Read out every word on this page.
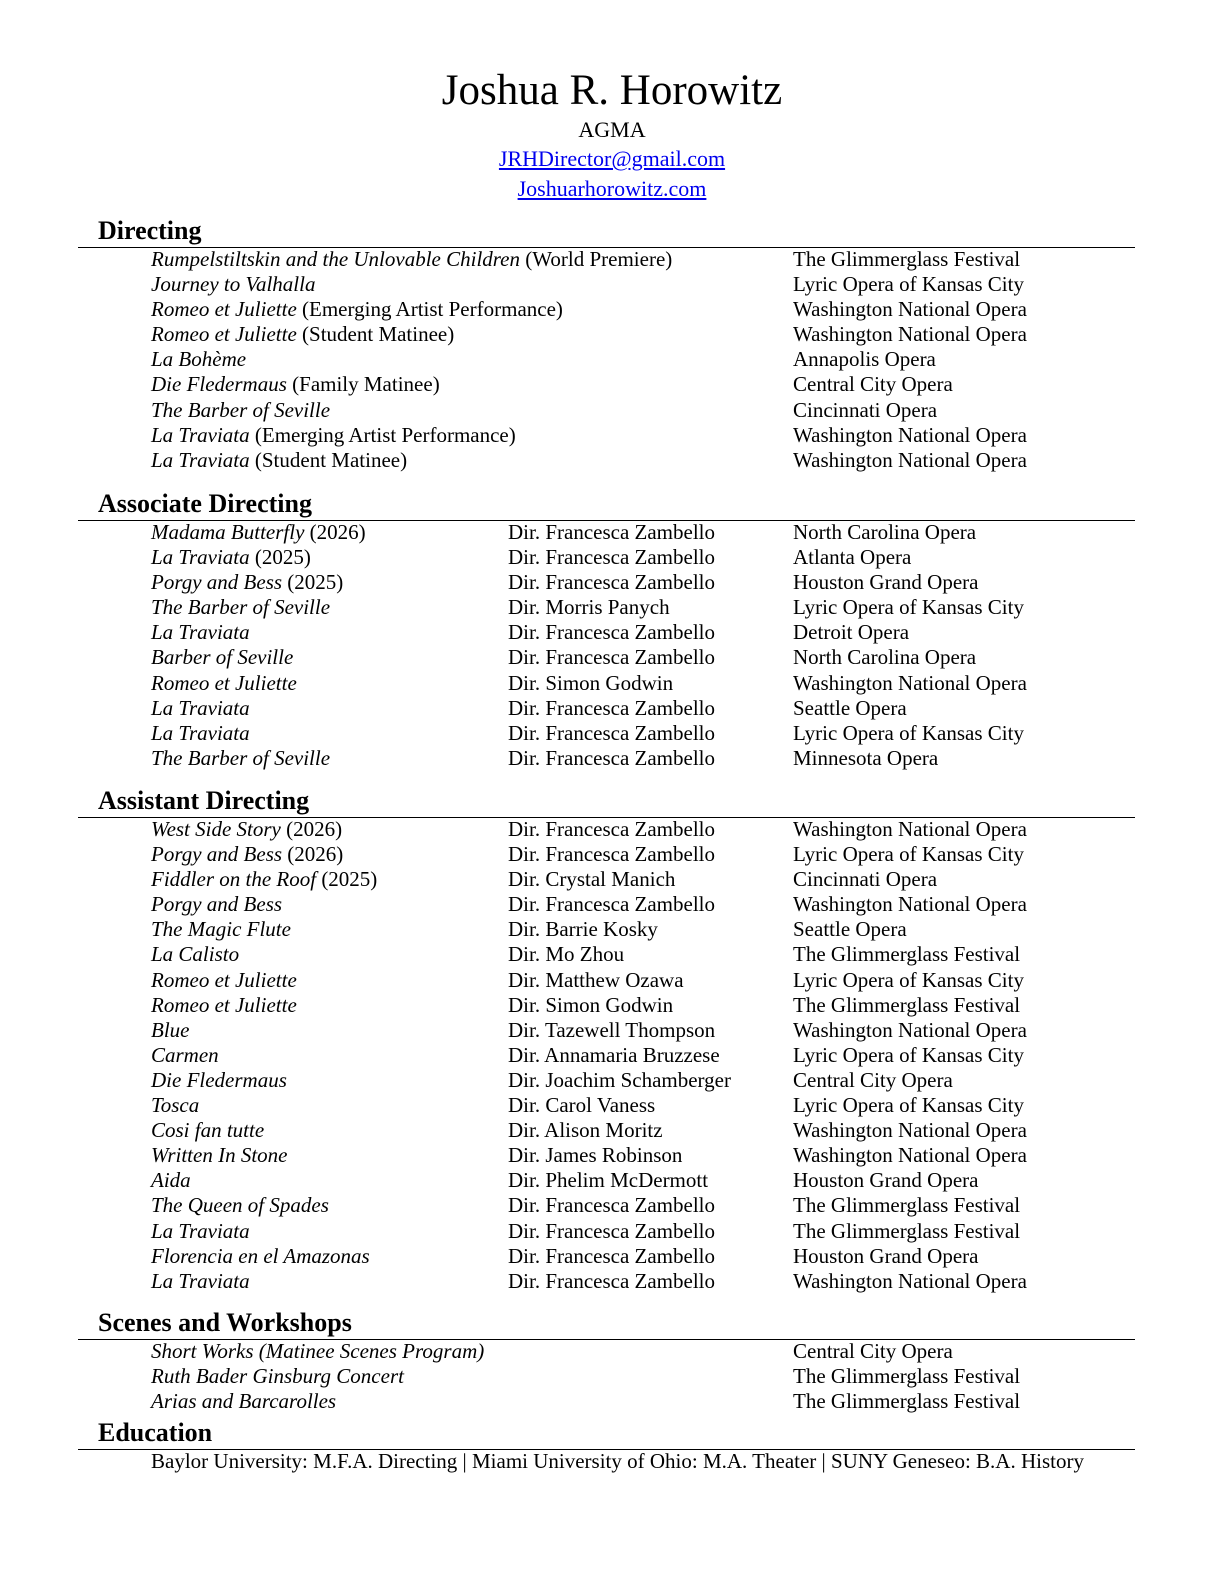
Joshua R. Horowitz
AGMA
JRHDirector@gmail.com
Joshuarhorowitz.com
Directing
Rumpelstiltskin and the Unlovable Children (World Premiere)	The Glimmerglass Festival
Journey to Valhalla	Lyric Opera of Kansas City
Romeo et Juliette (Emerging Artist Performance)	Washington National Opera
Romeo et Juliette (Student Matinee)	Washington National Opera
La Bohème	Annapolis Opera
Die Fledermaus (Family Matinee)	Central City Opera
The Barber of Seville	Cincinnati Opera
La Traviata (Emerging Artist Performance)	Washington National Opera
La Traviata (Student Matinee)	Washington National Opera
Associate Directing
Madama Butterfly (2026)	Dir. Francesca Zambello	North Carolina Opera
La Traviata (2025)	Dir. Francesca Zambello	Atlanta Opera
Porgy and Bess (2025)	Dir. Francesca Zambello	Houston Grand Opera
The Barber of Seville	Dir. Morris Panych	Lyric Opera of Kansas City
La Traviata	Dir. Francesca Zambello	Detroit Opera
Barber of Seville	Dir. Francesca Zambello	North Carolina Opera
Romeo et Juliette	Dir. Simon Godwin	Washington National Opera
La Traviata	Dir. Francesca Zambello	Seattle Opera
La Traviata	Dir. Francesca Zambello	Lyric Opera of Kansas City
The Barber of Seville	Dir. Francesca Zambello	Minnesota Opera
Assistant Directing
West Side Story (2026)	Dir. Francesca Zambello	Washington National Opera
Porgy and Bess (2026)	Dir. Francesca Zambello	Lyric Opera of Kansas City
Fiddler on the Roof (2025)	Dir. Crystal Manich	Cincinnati Opera
Porgy and Bess	Dir. Francesca Zambello	Washington National Opera
The Magic Flute	Dir. Barrie Kosky	Seattle Opera
La Calisto	Dir. Mo Zhou	The Glimmerglass Festival
Romeo et Juliette	Dir. Matthew Ozawa	Lyric Opera of Kansas City
Romeo et Juliette	Dir. Simon Godwin	The Glimmerglass Festival
Blue	Dir. Tazewell Thompson	Washington National Opera
Carmen	Dir. Annamaria Bruzzese	Lyric Opera of Kansas City
Die Fledermaus	Dir. Joachim Schamberger	Central City Opera
Tosca	Dir. Carol Vaness	Lyric Opera of Kansas City
Cosi fan tutte	Dir. Alison Moritz	Washington National Opera
Written In Stone	Dir. James Robinson	Washington National Opera
Aida	Dir. Phelim McDermott	Houston Grand Opera
The Queen of Spades	Dir. Francesca Zambello	The Glimmerglass Festival
La Traviata	Dir. Francesca Zambello	The Glimmerglass Festival
Florencia en el Amazonas	Dir. Francesca Zambello	Houston Grand Opera
La Traviata	Dir. Francesca Zambello	Washington National Opera
Scenes and Workshops
Short Works (Matinee Scenes Program)	Central City Opera
Ruth Bader Ginsburg Concert	The Glimmerglass Festival
Arias and Barcarolles	The Glimmerglass Festival
Education
Baylor University: M.F.A. Directing | Miami University of Ohio: M.A. Theater | SUNY Geneseo: B.A. History
